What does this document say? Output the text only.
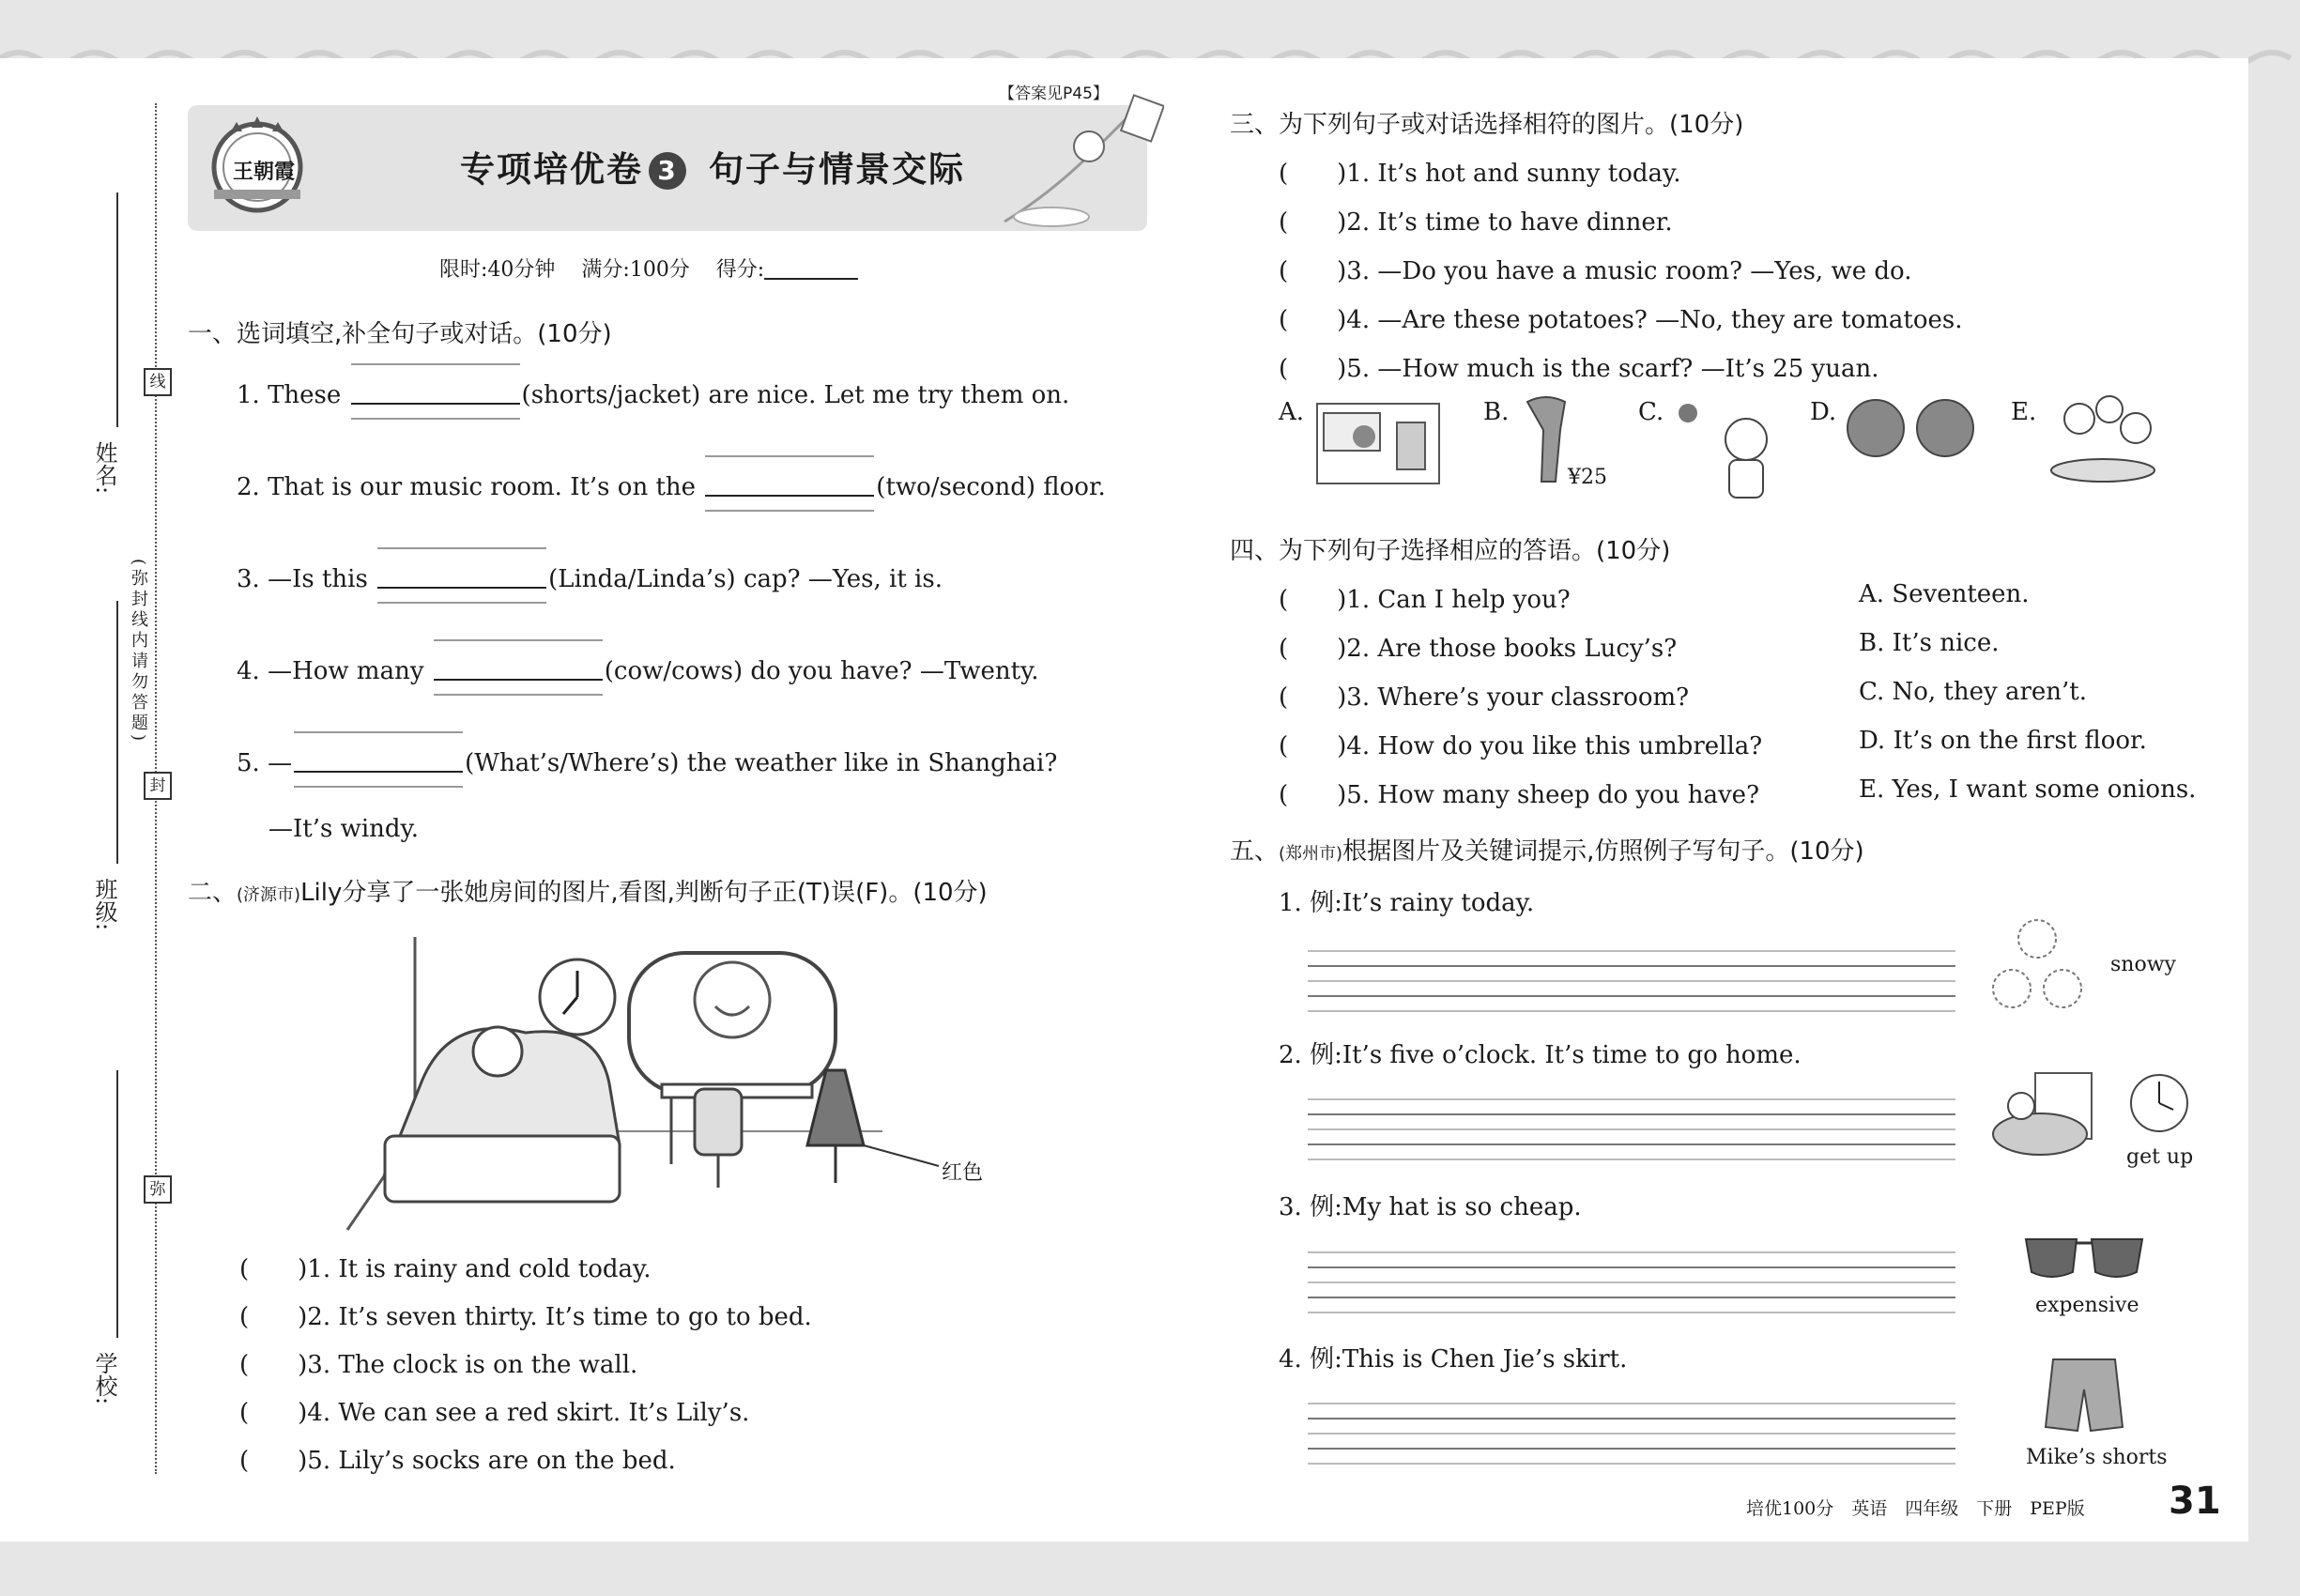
线
封
弥
(弥封线内请勿答题)
姓名:
班级:
学校:
王朝霞
【答案见P45】
专项培优卷 3 句子与情景交际
限时:40分钟 满分:100分 得分:
一、选词填空,补全句子或对话。(10分)
1. These	(shorts/jacket) are nice. Let me try them on.
2. That is our music room. It’s on the	(two/second) floor.
3. —Is this	(Linda/Linda’s) cap? —Yes, it is.
4. —How many	(cow/cows) do you have? —Twenty.
5. —	(What’s/Where’s) the weather like in Shanghai?
—It’s windy.
二、(济源市)Lily分享了一张她房间的图片,看图,判断句子正(T)误(F)。(10分)
红色
(　　)1. It is rainy and cold today.
(　　)2. It’s seven thirty. It’s time to go to bed.
(　　)3. The clock is on the wall.
(　　)4. We can see a red skirt. It’s Lily’s.
(　　)5. Lily’s socks are on the bed.
三、为下列句子或对话选择相符的图片。(10分)
(　　)1. It’s hot and sunny today.
(　　)2. It’s time to have dinner.
(　　)3. —Do you have a music room? —Yes, we do.
(　　)4. —Are these potatoes? —No, they are tomatoes.
(　　)5. —How much is the scarf? —It’s 25 yuan.
A.	B.
¥25
C.	D.	E.
四、为下列句子选择相应的答语。(10分)
(　　)1. Can I help you?
(　　)2. Are those books Lucy’s?
(　　)3. Where’s your classroom?
(　　)4. How do you like this umbrella?
(　　)5. How many sheep do you have?
A. Seventeen.
B. It’s nice.
C. No, they aren’t.
D. It’s on the first floor.
E. Yes, I want some onions.
五、(郑州市)根据图片及关键词提示,仿照例子写句子。(10分)
1. 例:It’s rainy today.
snowy
2. 例:It’s five o’clock. It’s time to go home.
get up
3. 例:My hat is so cheap.
expensive
4. 例:This is Chen Jie’s skirt.
Mike’s shorts
培优100分　英语　四年级　下册　PEP版 31
